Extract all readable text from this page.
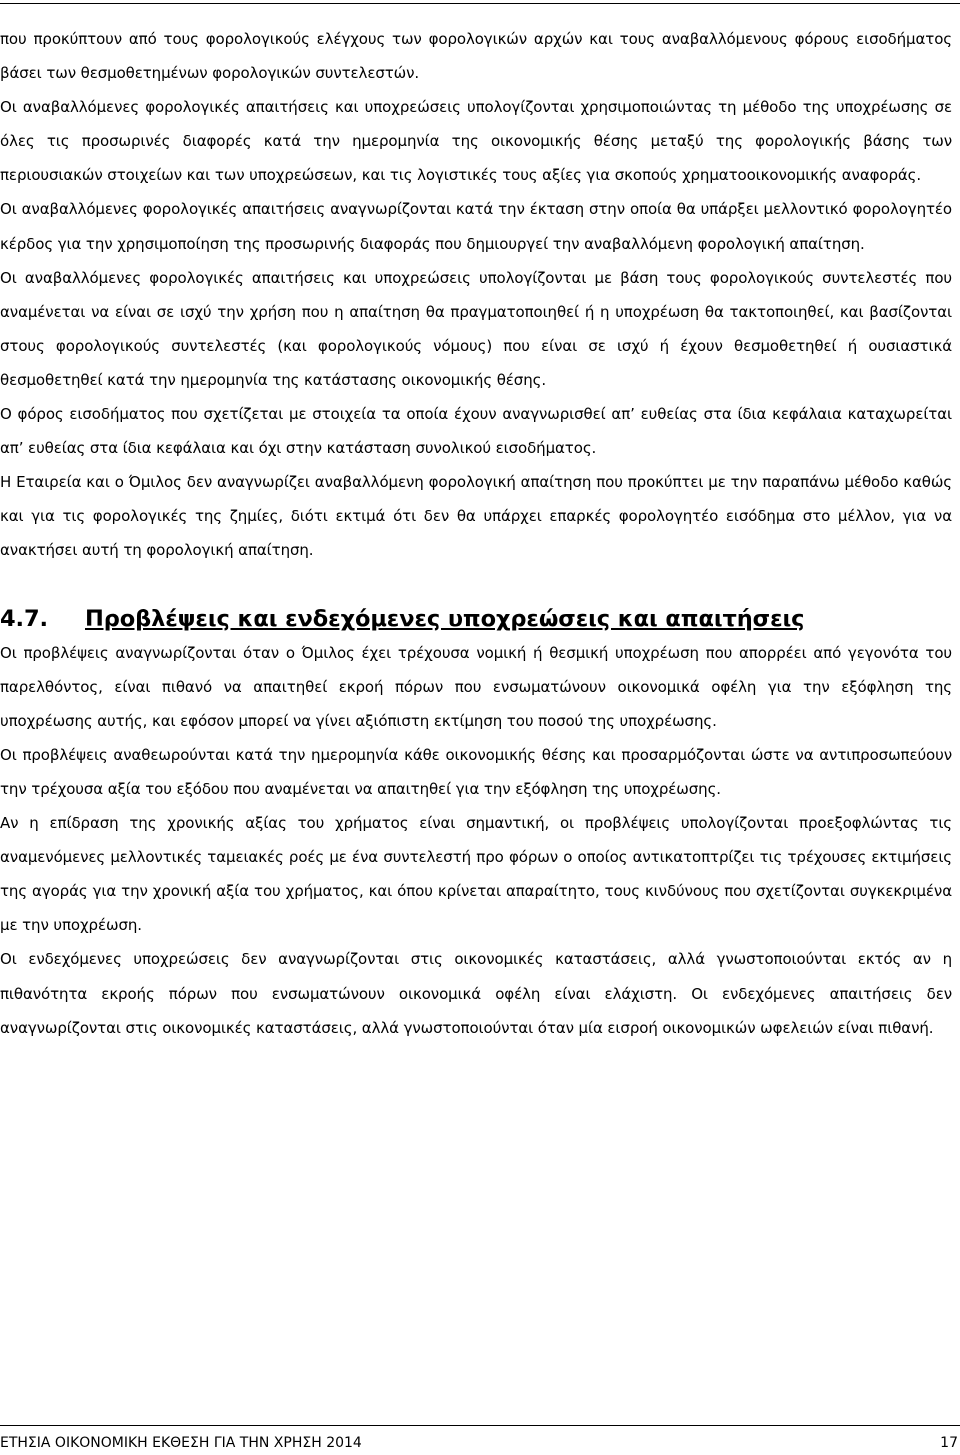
που προκύπτουν από τους φορολογικούς ελέγχους των φορολογικών αρχών και τους αναβαλλόμενους φόρους εισοδήματος βάσει των θεσμοθετημένων φορολογικών συντελεστών.

Οι αναβαλλόμενες φορολογικές απαιτήσεις και υποχρεώσεις υπολογίζονται χρησιμοποιώντας τη μέθοδο της υποχρέωσης σε όλες τις προσωρινές διαφορές κατά την ημερομηνία της οικονομικής θέσης μεταξύ της φορολογικής βάσης των περιουσιακών στοιχείων και των υποχρεώσεων, και τις λογιστικές τους αξίες για σκοπούς χρηματοοικονομικής αναφοράς.

Οι αναβαλλόμενες φορολογικές απαιτήσεις αναγνωρίζονται κατά την έκταση στην οποία θα υπάρξει μελλοντικό φορολογητέο κέρδος για την χρησιμοποίηση της προσωρινής διαφοράς που δημιουργεί την αναβαλλόμενη φορολογική απαίτηση.

Οι αναβαλλόμενες φορολογικές απαιτήσεις και υποχρεώσεις υπολογίζονται με βάση τους φορολογικούς συντελεστές που αναμένεται να είναι σε ισχύ την χρήση που η απαίτηση θα πραγματοποιηθεί ή η υποχρέωση θα τακτοποιηθεί, και βασίζονται στους φορολογικούς συντελεστές (και φορολογικούς νόμους) που είναι σε ισχύ ή έχουν θεσμοθετηθεί ή ουσιαστικά θεσμοθετηθεί κατά την ημερομηνία της κατάστασης οικονομικής θέσης.

Ο φόρος εισοδήματος που σχετίζεται με στοιχεία τα οποία έχουν αναγνωρισθεί απ’ ευθείας στα ίδια κεφάλαια καταχωρείται απ’ ευθείας στα ίδια κεφάλαια και όχι στην κατάσταση συνολικού εισοδήματος.

Η Εταιρεία και ο Όμιλος δεν αναγνωρίζει αναβαλλόμενη φορολογική απαίτηση που προκύπτει με την παραπάνω μέθοδο καθώς και για τις φορολογικές της ζημίες, διότι εκτιμά ότι δεν θα υπάρχει επαρκές φορολογητέο εισόδημα στο μέλλον, για να ανακτήσει αυτή τη φορολογική απαίτηση.

4.7.	Προβλέψεις και ενδεχόμενες υποχρεώσεις και απαιτήσεις

Οι προβλέψεις αναγνωρίζονται όταν ο Όμιλος έχει τρέχουσα νομική ή θεσμική υποχρέωση που απορρέει από γεγονότα του παρελθόντος, είναι πιθανό να απαιτηθεί εκροή πόρων που ενσωματώνουν οικονομικά οφέλη για την εξόφληση της υποχρέωσης αυτής, και εφόσον μπορεί να γίνει αξιόπιστη εκτίμηση του ποσού της υποχρέωσης.

Οι προβλέψεις αναθεωρούνται κατά την ημερομηνία κάθε οικονομικής θέσης και προσαρμόζονται ώστε να αντιπροσωπεύουν την τρέχουσα αξία του εξόδου που αναμένεται να απαιτηθεί για την εξόφληση της υποχρέωσης.

Αν η επίδραση της χρονικής αξίας του χρήματος είναι σημαντική, οι προβλέψεις υπολογίζονται προεξοφλώντας τις αναμενόμενες μελλοντικές ταμειακές ροές με ένα συντελεστή προ φόρων ο οποίος αντικατοπτρίζει τις τρέχουσες εκτιμήσεις της αγοράς για την χρονική αξία του χρήματος, και όπου κρίνεται απαραίτητο, τους κινδύνους που σχετίζονται συγκεκριμένα με την υποχρέωση.

Οι ενδεχόμενες υποχρεώσεις δεν αναγνωρίζονται στις οικονομικές καταστάσεις, αλλά γνωστοποιούνται εκτός αν η πιθανότητα εκροής πόρων που ενσωματώνουν οικονομικά οφέλη είναι ελάχιστη. Οι ενδεχόμενες απαιτήσεις δεν αναγνωρίζονται στις οικονομικές καταστάσεις, αλλά γνωστοποιούνται όταν μία εισροή οικονομικών ωφελειών είναι πιθανή.

ΕΤΗΣΙΑ ΟΙΚΟΝΟΜΙΚΗ ΕΚΘΕΣΗ ΓΙΑ ΤΗΝ ΧΡΗΣΗ 2014	17
